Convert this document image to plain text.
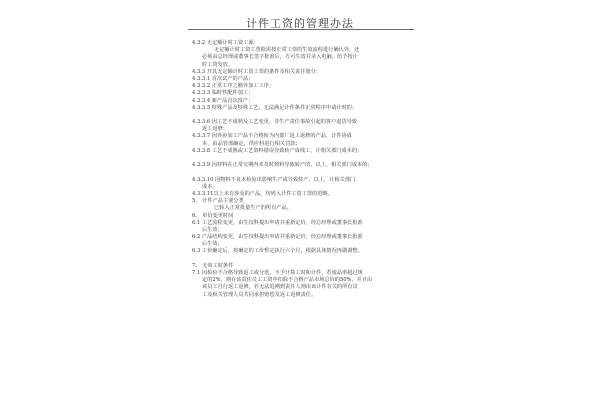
计件工资的管理办法
4.3.2 无定额计时工资工源：
无定额计时工资工票除需按正常工票的生效流程进行确认外，还
必须由总经理或董事长签字批准后，方可生效并录入电脑，给予按计
时工资发放。
4.3.3 开具无定额计时工资工票的条件及相关责任划分：
4.3.3.1 首次试产的产品；
4.3.3.2 正常工序之额外加工工序；
4.3.3.3 临时性配件加工；
4.3.3.4 新产品首次投产；
4.3.3.5 特殊产品及特殊工艺，无法满足计件条件正常程序申请计时的；
4.3.3.6 因工艺不成熟及工艺变更，非生产责任事故引起的客户退货导致
返工返修；
4.3.3.7 因外协加工产品不合格转为内部厂返工返修的产品，计件协成
本，由品管部确定，供应科进行相关罚款；
4.3.3.8 工艺不成熟或工艺资料错误导致转产成线工，计相关部门成本的；
4.3.3.9 因材料在正常交期内未及时到料导致转产的，以上，相关部门成本的；
4.3.3.10 因物料不良未检验出影响生产或导致转产，以上，计相关部门
成本。
4.3.3.11以上未有涉及的产品，均列入计件工资工票的范畴。
5、 计件产品主要分类
已转入正常批量生产的所有产品。
6、 单价变更时间
6.1 工艺流程变更，由生技科提出申请并重新定价，经总经理或董事长批准
后生效；
6.2 产品结构变更，由生技科提出申请并重新定价，经总经理或董事长批准
后生效；
6.3 工价确定后，按确定的工价暂定执行六个月，根据具体情况再做调整。
7、 无效工时条件
7.1 因检验不合格导致返工或分选，不予计算工时和计件，若废品率超过规
定的2%，则在该责任员工工资中扣除不合格产品市场总价的50%，并且由
该员工自行返工返修。若无法追溯到责任人则由该计件有关的所有员
工及相关管理人员共同承担赔偿及返工返修责任。
